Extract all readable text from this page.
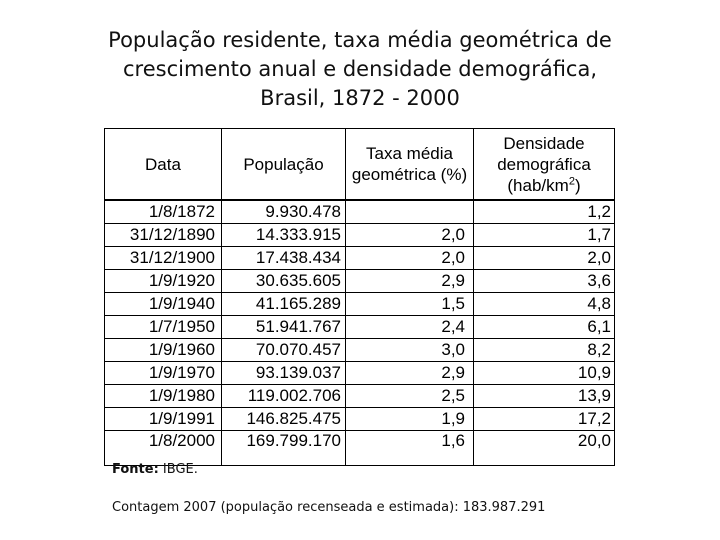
População residente, taxa média geométrica de crescimento anual e densidade demográfica, Brasil, 1872 - 2000
Data	População	Taxa média geométrica (%)	Densidade demográfica
$(hab/km^2)$

1/8/1872	9.930.478		1,2
31/12/1890	14.333.915	2,0	1,7
31/12/1900	17.438.434	2,0	2,0
1/9/1920	30.635.605	2,9	3,6
1/9/1940	41.165.289	1,5	4,8
1/7/1950	51.941.767	2,4	6,1
1/9/1960	70.070.457	3,0	8,2
1/9/1970	93.139.037	2,9	10,9
1/9/1980	119.002.706	2,5	13,9
1/9/1991	146.825.475	1,9	17,2
1/8/2000	169.799.170	1,6	20,0
Fonte: IBGE.
Contagem 2007 (população recenseada e estimada): 183.987.291
